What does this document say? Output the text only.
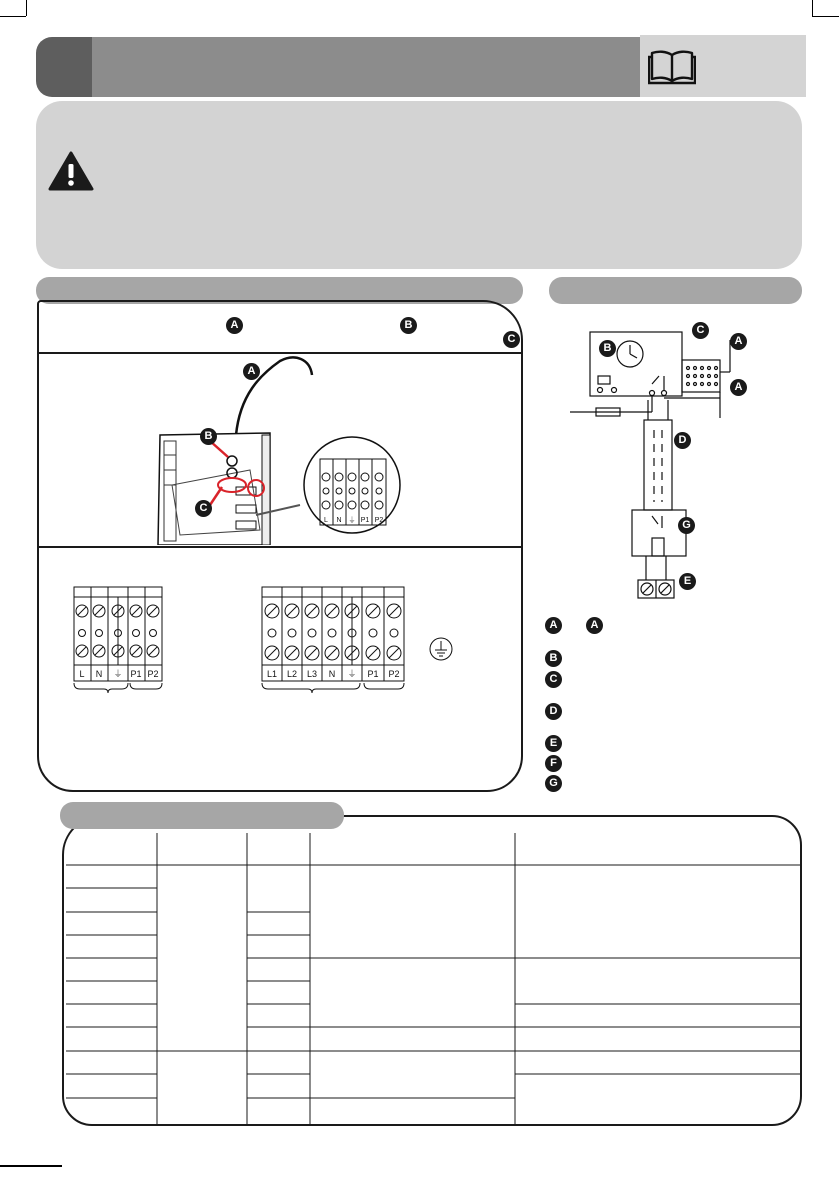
A	B
C
L N ⏚ P1 P2
A
B
C
L N ⏚ P1 P2	L1 L2 L3 N ⏚ P1 P2
B
C
A
A
D
G
E
A	A
B
C
D
E
F
G
